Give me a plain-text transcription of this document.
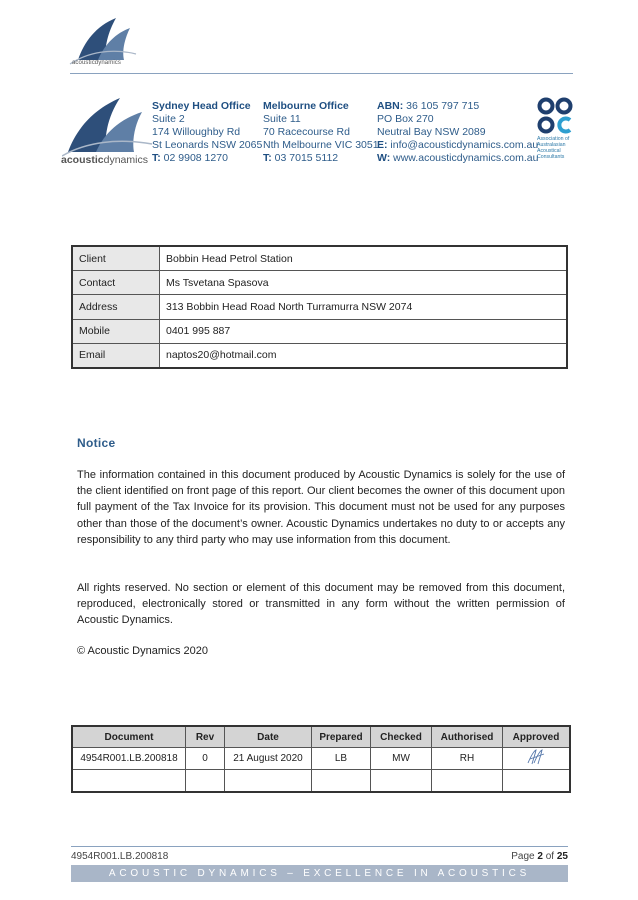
acousticdynamics
acousticdynamics
Sydney Head Office
Suite 2
174 Willoughby Rd
St Leonards NSW 2065
T: 02 9908 1270
Melbourne Office
Suite 11
70 Racecourse Rd
Nth Melbourne VIC 3051
T: 03 7015 5112
ABN: 36 105 797 715
PO Box 270
Neutral Bay NSW 2089
E: info@acousticdynamics.com.au
W: www.acousticdynamics.com.au
Association of
Australasian
Acoustical
Consultants
Client	Bobbin Head Petrol Station
Contact	Ms Tsvetana Spasova
Address	313 Bobbin Head Road North Turramurra NSW 2074
Mobile	0401 995 887
Email	naptos20@hotmail.com
Notice
The information contained in this document produced by Acoustic Dynamics is solely for the use of the client identified on front page of this report. Our client becomes the owner of this document upon full payment of the Tax Invoice for its provision. This document must not be used for any purposes other than those of the document’s owner. Acoustic Dynamics undertakes no duty to or accepts any responsibility to any third party who may use information from this document.
All rights reserved. No section or element of this document may be removed from this document, reproduced, electronically stored or transmitted in any form without the written permission of Acoustic Dynamics.
© Acoustic Dynamics 2020
Document	Rev	Date	Prepared	Checked	Authorised	Approved
4954R001.LB.200818	0	21 August 2020	LB	MW	RH	

4954R001.LB.200818	Page 2 of 25
ACOUSTIC DYNAMICS – EXCELLENCE IN ACOUSTICS
